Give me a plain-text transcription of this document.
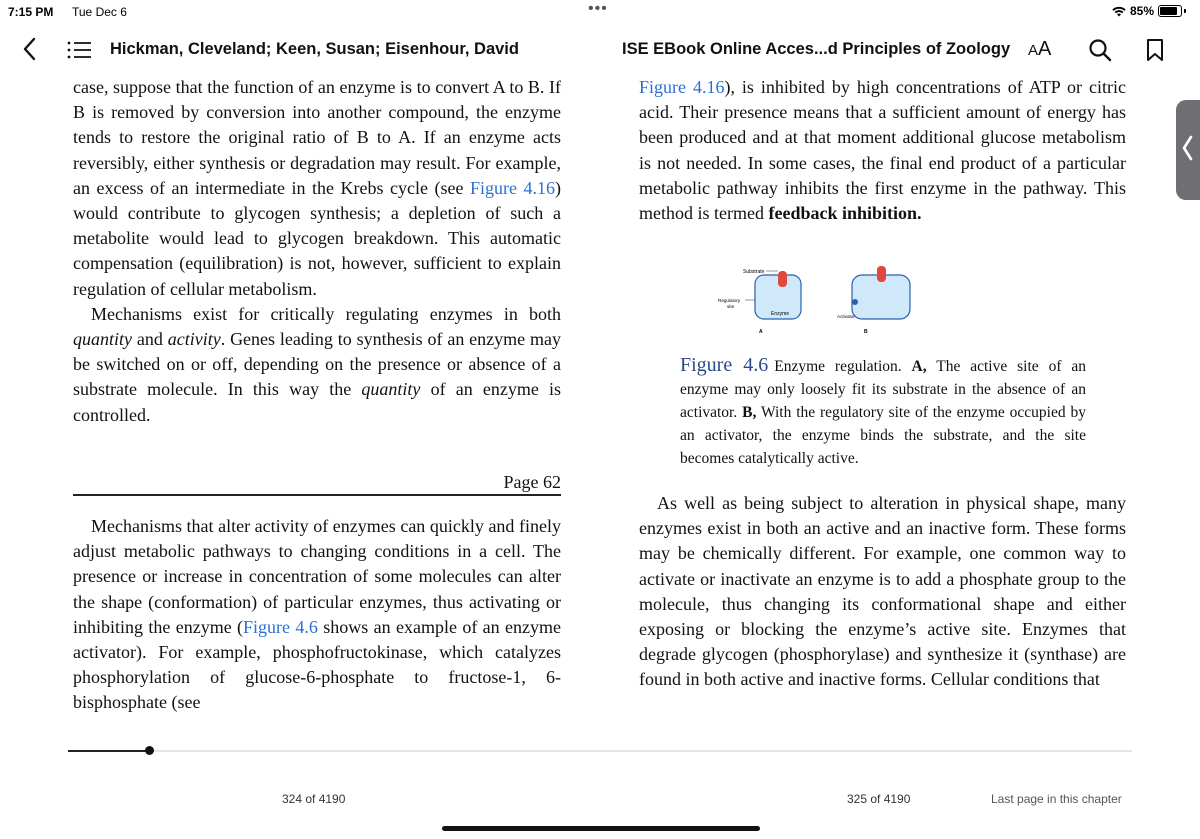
7:15 PM Tue Dec 6	•••	85%
Hickman, Cleveland; Keen, Susan; Eisenhour, David	ISE EBook Online Acces...d Principles of Zoology AA

case, suppose that the function of an enzyme is to convert A to B. If B is removed by conversion into another compound, the enzyme tends to restore the original ratio of B to A. If an enzyme acts reversibly, either synthesis or degradation may result. For example, an excess of an intermediate in the Krebs cycle (see Figure 4.16) would contribute to glycogen synthesis; a depletion of such a metabolite would lead to glycogen breakdown. This automatic compensation (equilibration) is not, however, sufficient to explain regulation of cellular metabolism.

Mechanisms exist for critically regulating enzymes in both quantity and activity. Genes leading to synthesis of an enzyme may be switched on or off, depending on the presence or absence of a substrate molecule. In this way the quantity of an enzyme is controlled.

Page 62

Mechanisms that alter activity of enzymes can quickly and finely adjust metabolic pathways to changing conditions in a cell. The presence or increase in concentration of some molecules can alter the shape (conformation) of particular enzymes, thus activating or inhibiting the enzyme (Figure 4.6 shows an example of an enzyme activator). For example, phosphofructokinase, which catalyzes phosphorylation of glucose-6-phosphate to fructose-1, 6-bisphosphate (see

Figure 4.16), is inhibited by high concentrations of ATP or citric acid. Their presence means that a sufficient amount of energy has been produced and at that moment additional glucose metabolism is not needed. In some cases, the final end product of a particular metabolic pathway inhibits the first enzyme in the pathway. This method is termed feedback inhibition.

Substrate
Enzyme
Regulatory
site
A
Activator
B
Figure 4.6 Enzyme regulation. A, The active site of an enzyme may only loosely fit its substrate in the absence of an activator. B, With the regulatory site of the enzyme occupied by an activator, the enzyme binds the substrate, and the site becomes catalytically active.

As well as being subject to alteration in physical shape, many enzymes exist in both an active and an inactive form. These forms may be chemically different. For example, one common way to activate or inactivate an enzyme is to add a phosphate group to the molecule, thus changing its conformational shape and either exposing or blocking the enzyme’s active site. Enzymes that degrade glycogen (phosphorylase) and synthesize it (synthase) are found in both active and inactive forms. Cellular conditions that

324 of 4190	325 of 4190	Last page in this chapter
